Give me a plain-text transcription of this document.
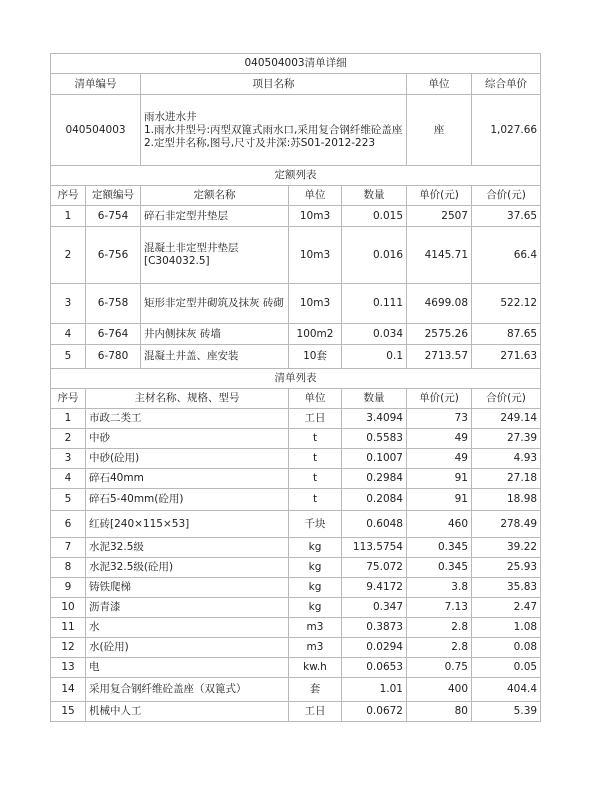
040504003清单详细						
清单编号		项目名称			单位	综合单价
040504003		雨水进水井
1.雨水井型号:丙型双篦式雨水口,采用复合钢纤维砼盖座
2.定型井名称,图号,尺寸及井深:苏S01-2012-223			座	1,027.66
定额列表						
序号	定额编号	定额名称	单位	数量	单价(元)	合价(元)
1	6-754	碎石非定型井垫层	10m3	0.015	2507	37.65
2	6-756	混凝土非定型井垫层[C304032.5]	10m3	0.016	4145.71	66.4
3	6-758	矩形非定型井砌筑及抹灰 砖砌	10m3	0.111	4699.08	522.12
4	6-764	井内侧抹灰 砖墙	100m2	0.034	2575.26	87.65
5	6-780	混凝土井盖、座安装	10套	0.1	2713.57	271.63
清单列表					
序号	主材名称、规格、型号	单位	数量	单价(元)	合价(元)
1	市政二类工	工日	3.4094	73	249.14
2	中砂	t	0.5583	49	27.39
3	中砂(砼用)	t	0.1007	49	4.93
4	碎石40mm	t	0.2984	91	27.18
5	碎石5-40mm(砼用)	t	0.2084	91	18.98
6	红砖[240×115×53]	千块	0.6048	460	278.49
7	水泥32.5级	kg	113.5754	0.345	39.22
8	水泥32.5级(砼用)	kg	75.072	0.345	25.93
9	铸铁爬梯	kg	9.4172	3.8	35.83
10	沥青漆	kg	0.347	7.13	2.47
11	水	m3	0.3873	2.8	1.08
12	水(砼用)	m3	0.0294	2.8	0.08
13	电	kw.h	0.0653	0.75	0.05
14	采用复合钢纤维砼盖座（双篦式）	套	1.01	400	404.4
15	机械中人工	工日	0.0672	80	5.39
